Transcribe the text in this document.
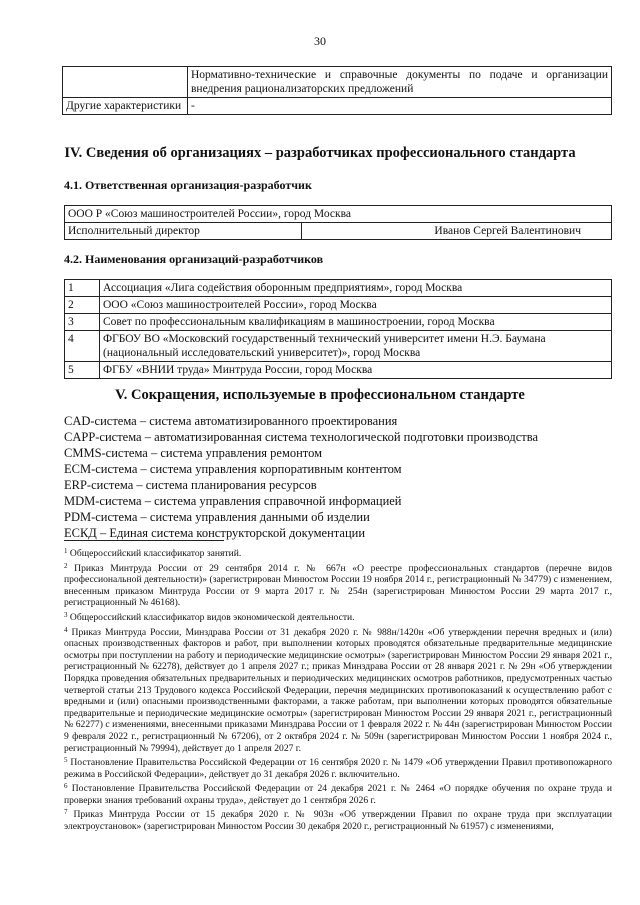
30
	Нормативно-технические и справочные документы по подаче и организации внедрения рационализаторских предложений
Другие характеристики	-
IV. Сведения об организациях – разработчиках профессионального стандарта
4.1. Ответственная организация-разработчик
ООО Р «Союз машиностроителей России», город Москва
Исполнительный директор	Иванов Сергей Валентинович
4.2. Наименования организаций-разработчиков
1	Ассоциация «Лига содействия оборонным предприятиям», город Москва
2	ООО «Союз машиностроителей России», город Москва
3	Совет по профессиональным квалификациям в машиностроении, город Москва
4	ФГБОУ ВО «Московский государственный технический университет имени Н.Э. Баумана (национальный исследовательский университет)», город Москва
5	ФГБУ «ВНИИ труда» Минтруда России, город Москва
V. Сокращения, используемые в профессиональном стандарте
CAD-система – система автоматизированного проектирования
CAPP-система – автоматизированная система технологической подготовки производства
CMMS-система – система управления ремонтом
ECM-система – система управления корпоративным контентом
ERP-система – система планирования ресурсов
MDM-система – система управления справочной информацией
PDM-система – система управления данными об изделии
ЕСКД – Единая система конструкторской документации

$^1$ Общероссийский классификатор занятий.

$^2$ Приказ Минтруда России от 29 сентября 2014 г. № 667н «О реестре профессиональных стандартов (перечне видов профессиональной деятельности)» (зарегистрирован Минюстом России 19 ноября 2014 г., регистрационный № 34779) с изменением, внесенным приказом Минтруда России от 9 марта 2017 г. № 254н (зарегистрирован Минюстом России 29 марта 2017 г., регистрационный № 46168).

$^3$ Общероссийский классификатор видов экономической деятельности.

$^4$ Приказ Минтруда России, Минздрава России от 31 декабря 2020 г. № 988н/1420н «Об утверждении перечня вредных и (или) опасных производственных факторов и работ, при выполнении которых проводятся обязательные предварительные медицинские осмотры при поступлении на работу и периодические медицинские осмотры» (зарегистрирован Минюстом России 29 января 2021 г., регистрационный № 62278), действует до 1 апреля 2027 г.; приказ Минздрава России от 28 января 2021 г. № 29н «Об утверждении Порядка проведения обязательных предварительных и периодических медицинских осмотров работников, предусмотренных частью четвертой статьи 213 Трудового кодекса Российской Федерации, перечня медицинских противопоказаний к осуществлению работ с вредными и (или) опасными производственными факторами, а также работам, при выполнении которых проводятся обязательные предварительные и периодические медицинские осмотры» (зарегистрирован Минюстом России 29 января 2021 г., регистрационный № 62277) с изменениями, внесенными приказами Минздрава России от 1 февраля 2022 г. № 44н (зарегистрирован Минюстом России 9 февраля 2022 г., регистрационный № 67206), от 2 октября 2024 г. № 509н (зарегистрирован Минюстом России 1 ноября 2024 г., регистрационный № 79994), действует до 1 апреля 2027 г.

$^5$ Постановление Правительства Российской Федерации от 16 сентября 2020 г. № 1479 «Об утверждении Правил противопожарного режима в Российской Федерации», действует до 31 декабря 2026 г. включительно.

$^6$ Постановление Правительства Российской Федерации от 24 декабря 2021 г. № 2464 «О порядке обучения по охране труда и проверки знания требований охраны труда», действует до 1 сентября 2026 г.

$^7$ Приказ Минтруда России от 15 декабря 2020 г. № 903н «Об утверждении Правил по охране труда при эксплуатации электроустановок» (зарегистрирован Минюстом России 30 декабря 2020 г., регистрационный № 61957) с изменениями,
